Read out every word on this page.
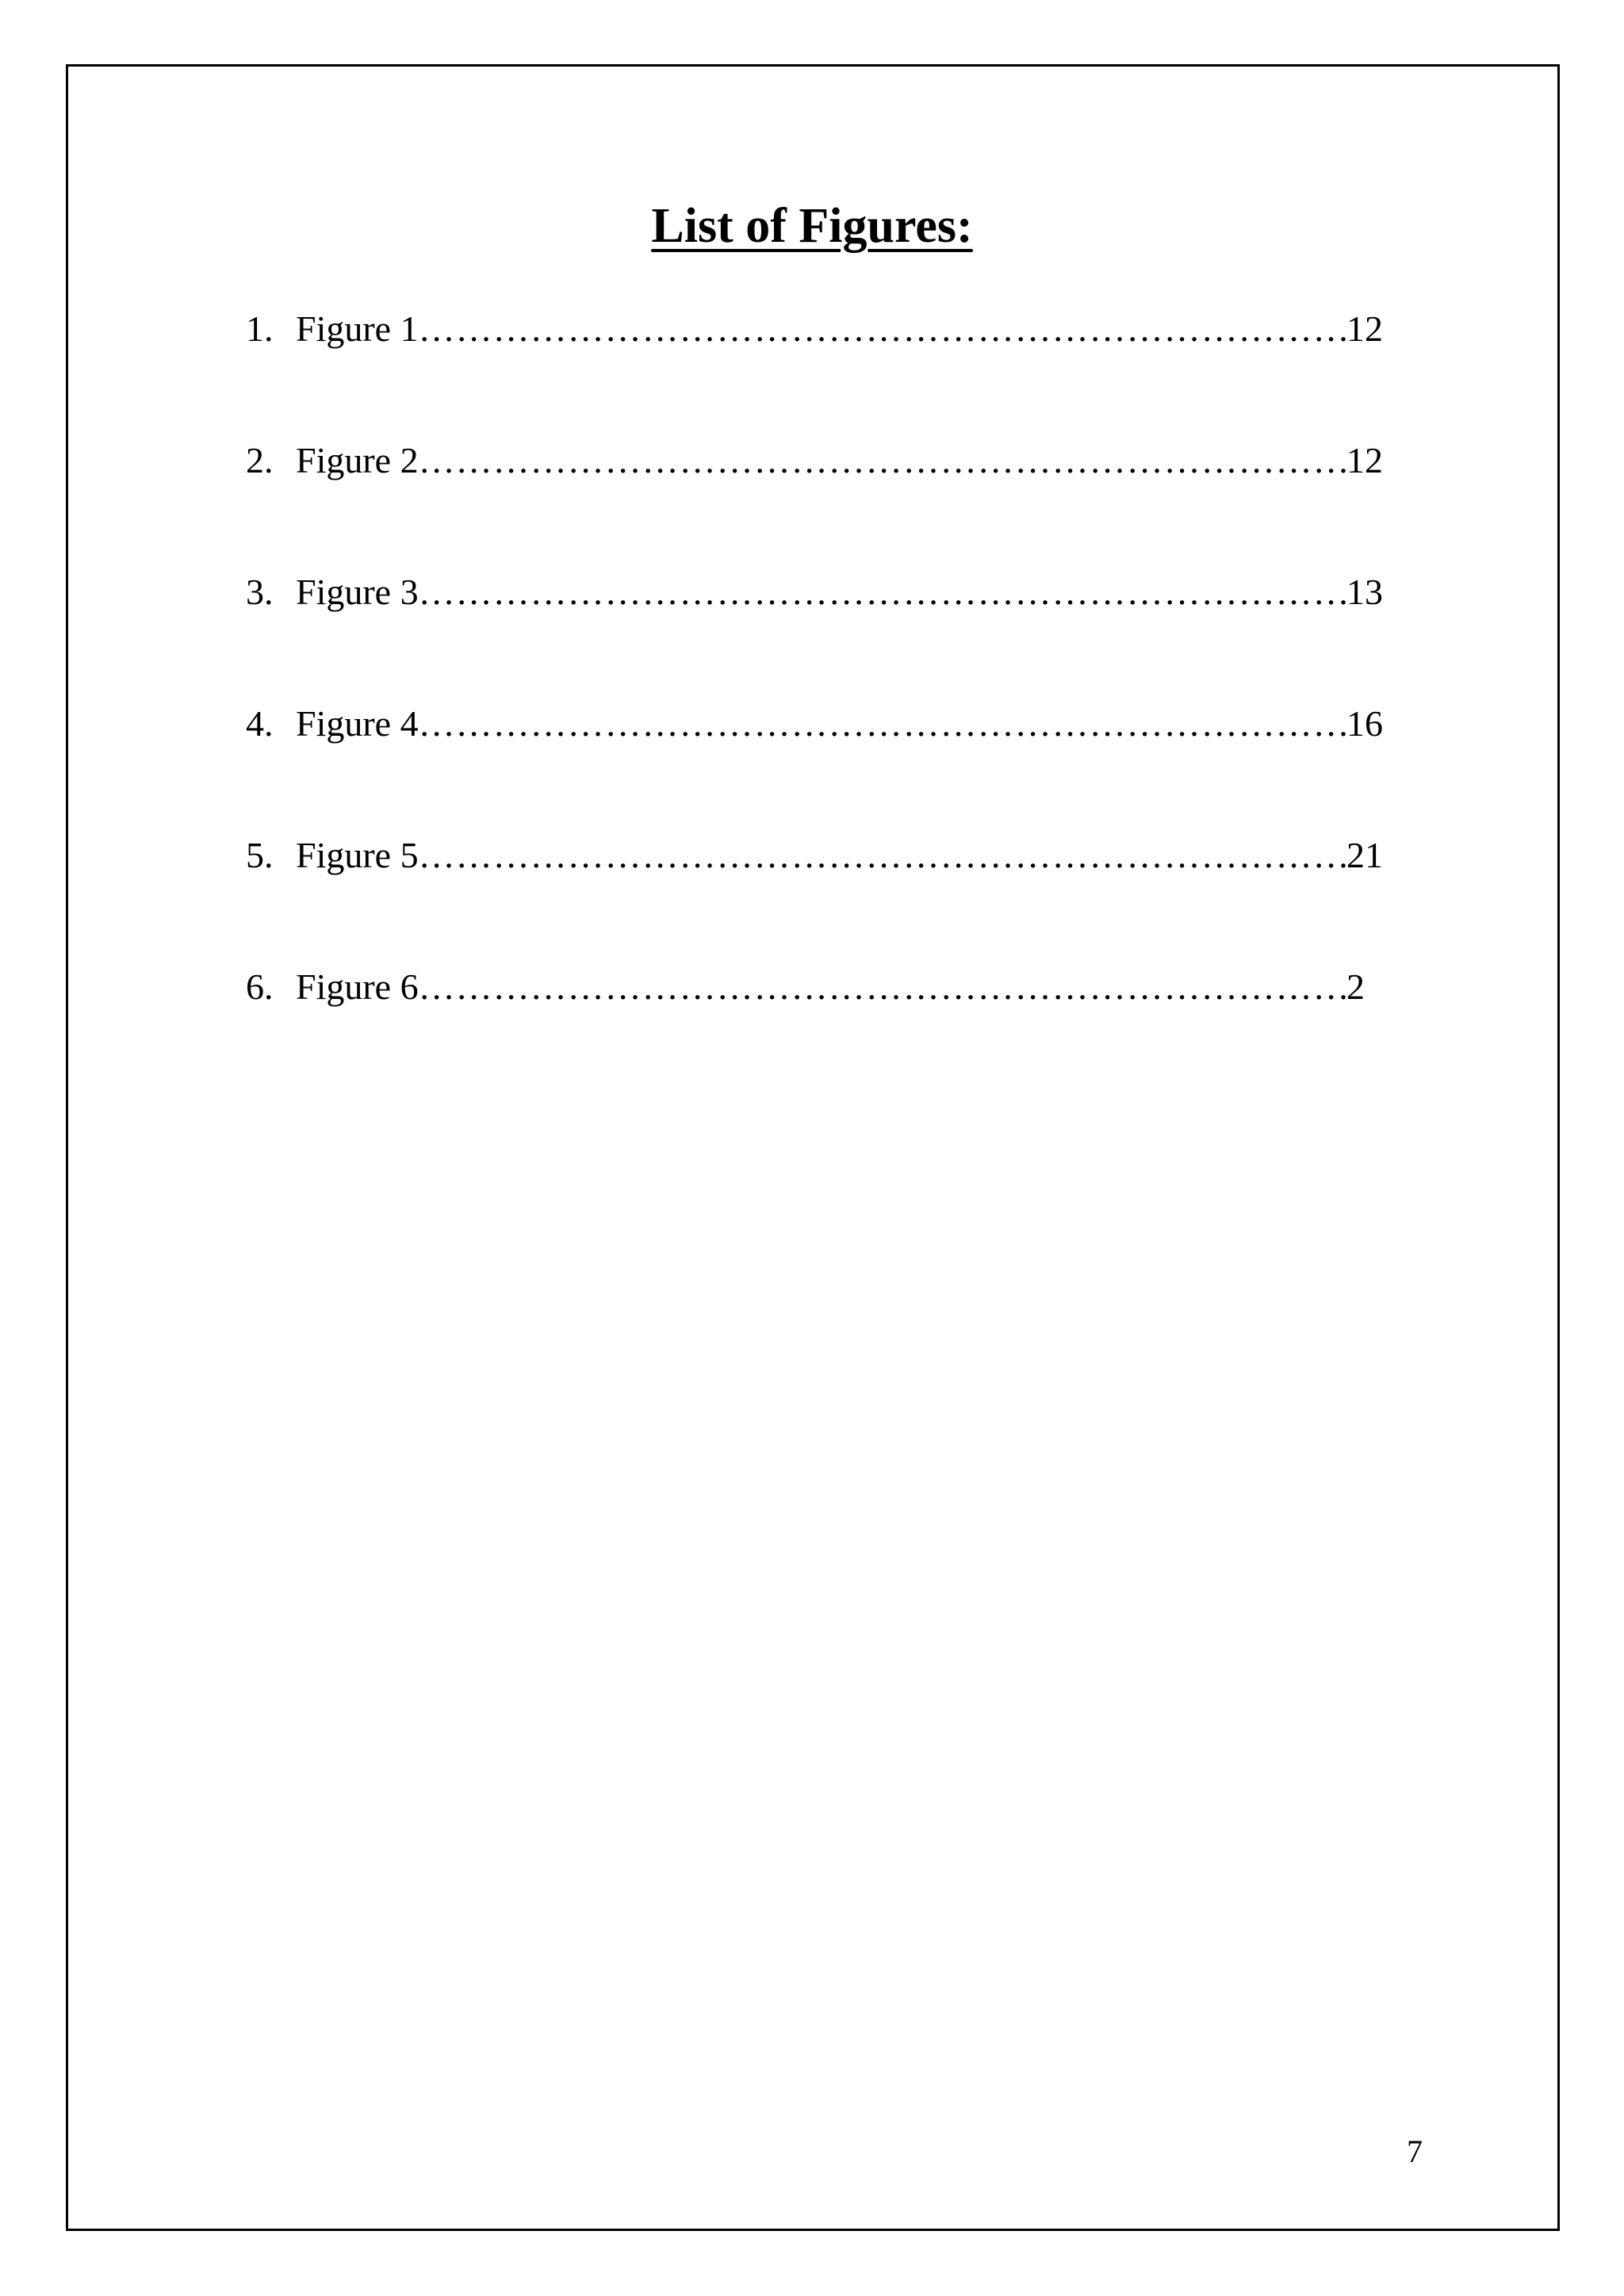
List of Figures:
1. Figure 1 ……………………………………………………………………………………………………………………………………………………………………………	12
2. Figure 2 ……………………………………………………………………………………………………………………………………………………………………………	12
3. Figure 3 ……………………………………………………………………………………………………………………………………………………………………………	13
4. Figure 4 ……………………………………………………………………………………………………………………………………………………………………………	16
5. Figure 5 ……………………………………………………………………………………………………………………………………………………………………………	21
6. Figure 6 ……………………………………………………………………………………………………………………………………………………………………………	2
7
